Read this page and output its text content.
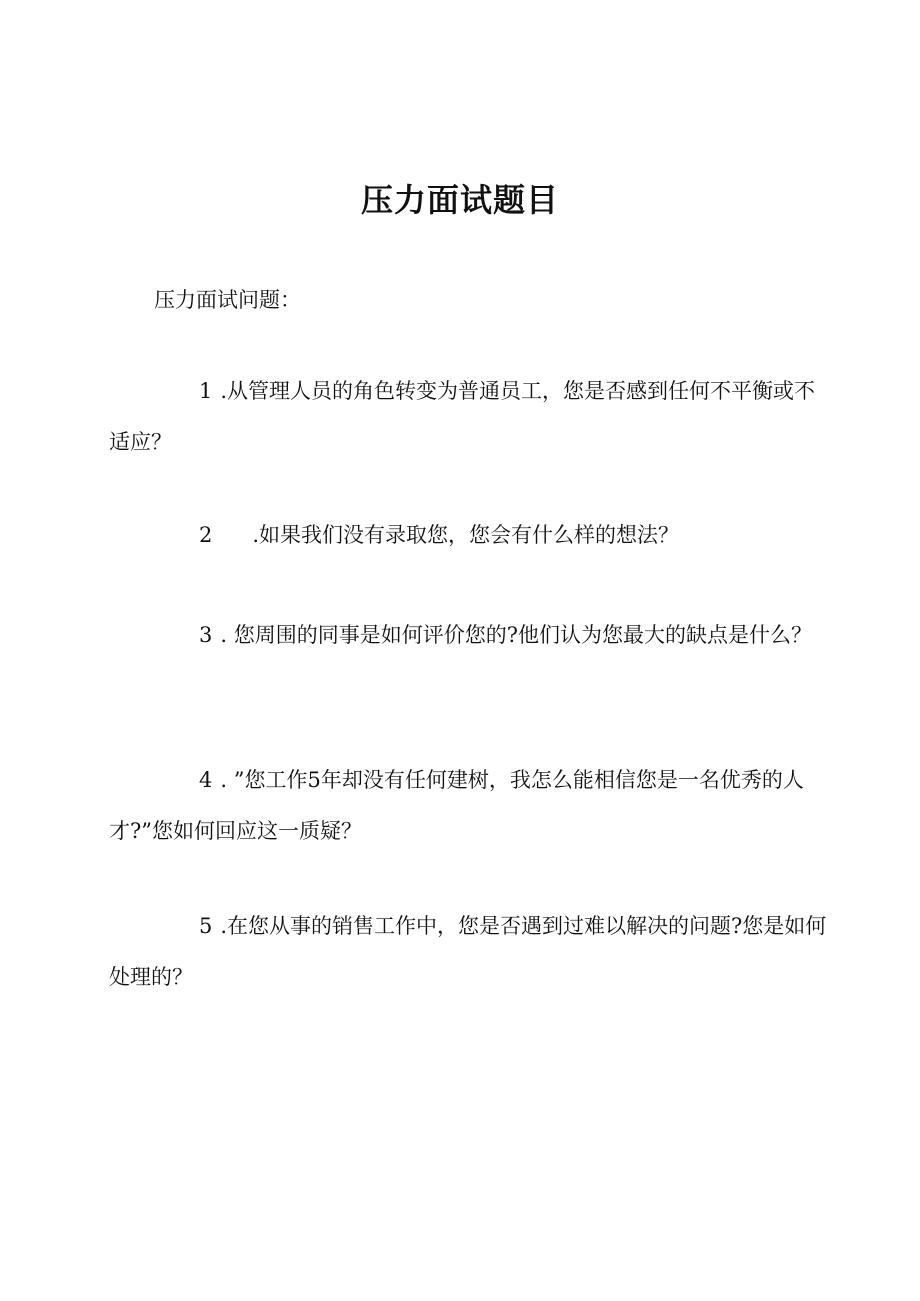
压力面试题目
压力面试问题：
1 .从管理人员的角色转变为普通员工，您是否感到任何不平衡或不适应？
2 .如果我们没有录取您，您会有什么样的想法？
3 . 您周围的同事是如何评价您的?他们认为您最大的缺点是什么？
4 . ”您工作5年却没有任何建树，我怎么能相信您是一名优秀的人才?”您如何回应这一质疑？
5 .在您从事的销售工作中，您是否遇到过难以解决的问题?您是如何处理的？
